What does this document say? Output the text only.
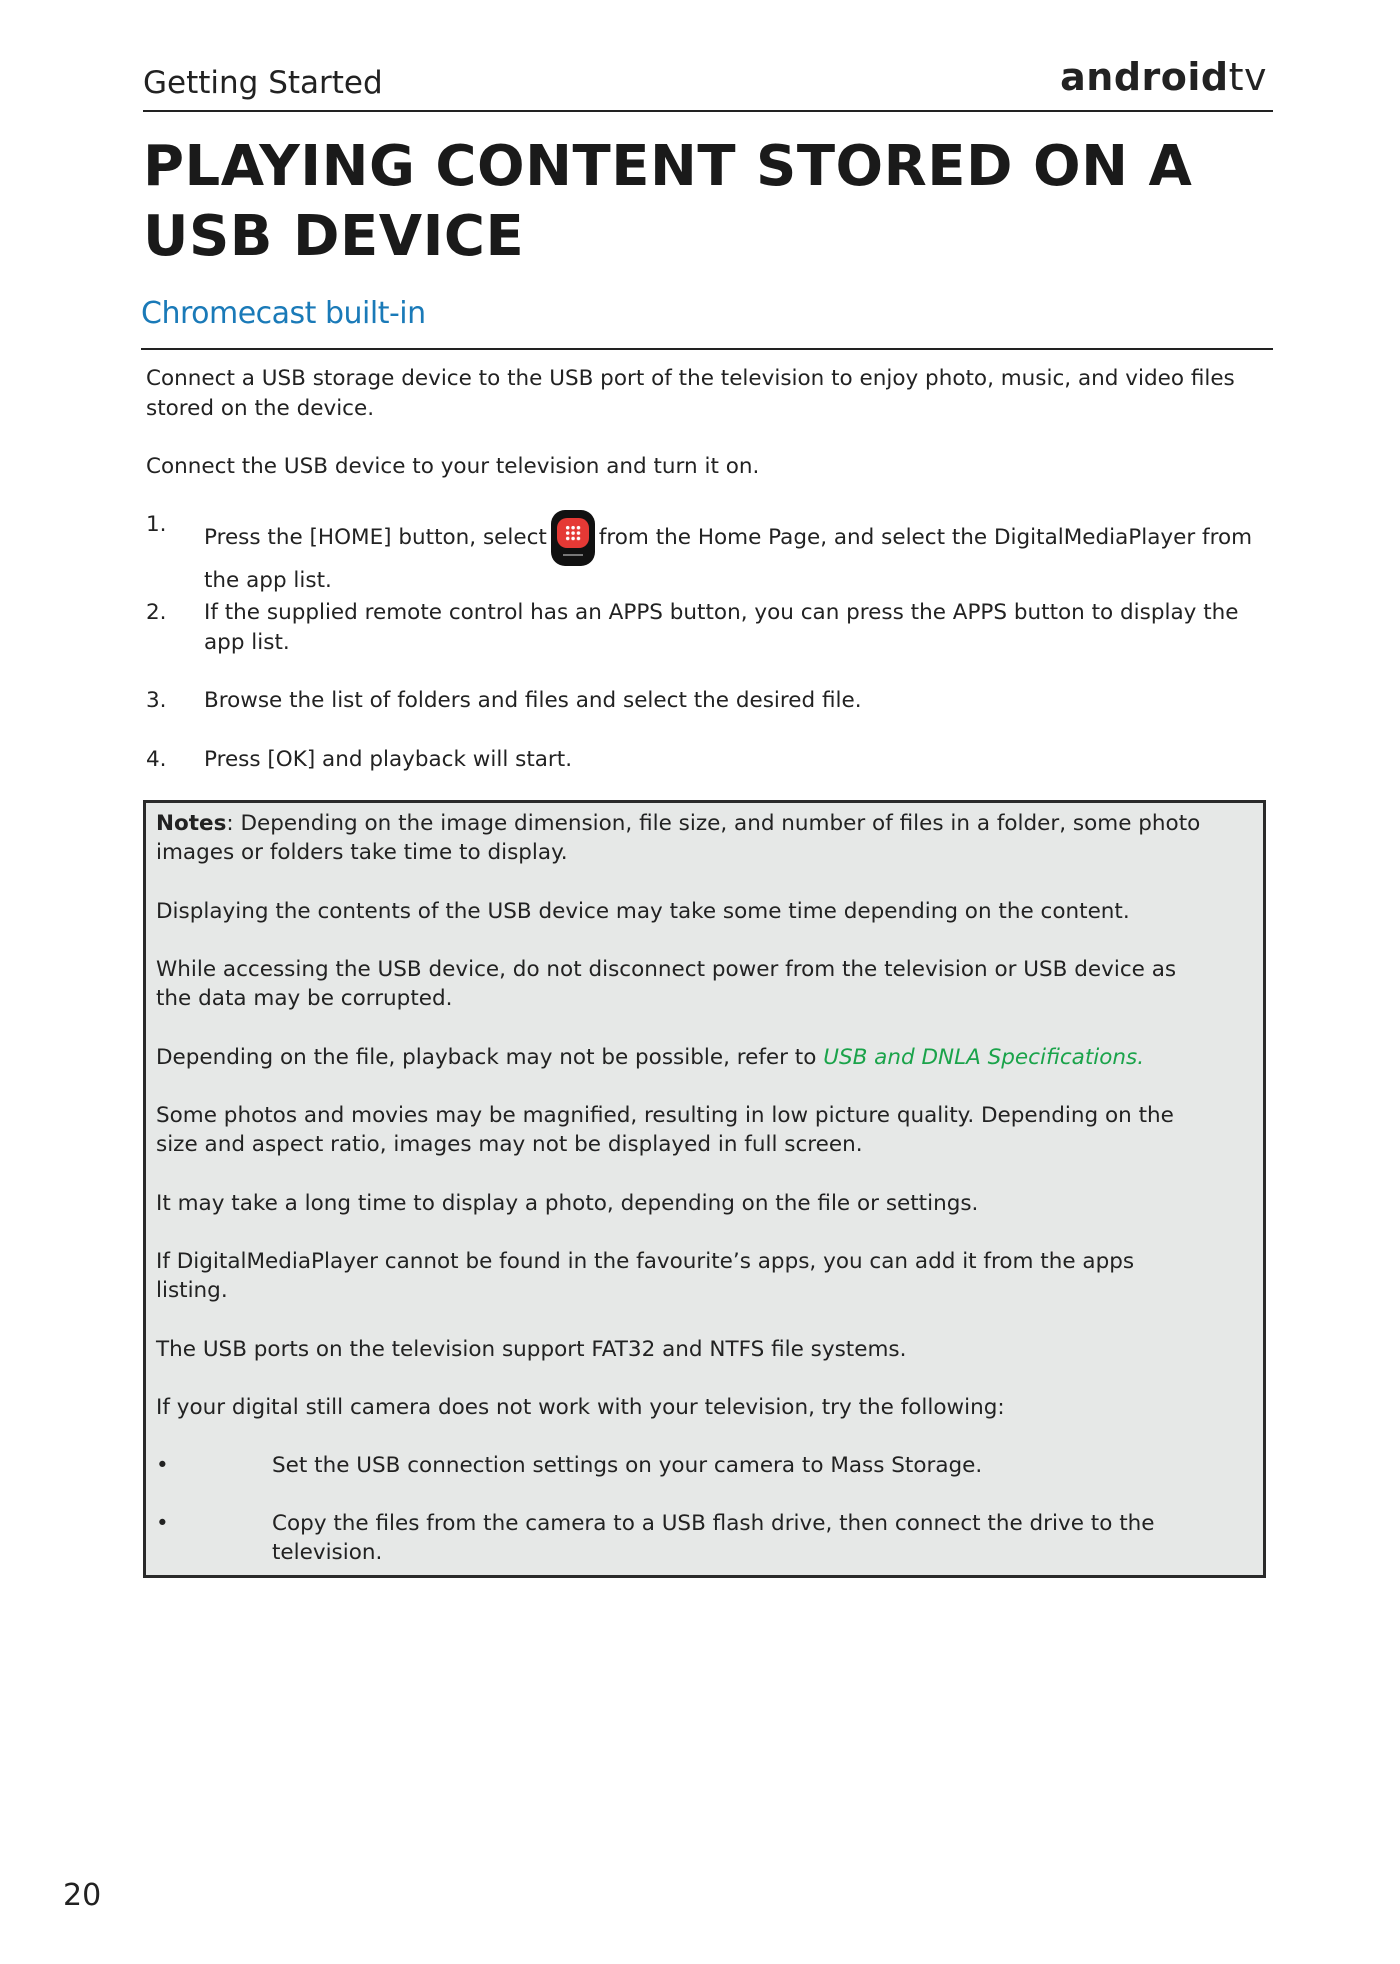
Getting Started	androidtv
PLAYING CONTENT STORED ON A USB DEVICE
Chromecast built-in
Connect a USB storage device to the USB port of the television to enjoy photo, music, and video files stored on the device.
Connect the USB device to your television and turn it on.
1.
Press the [HOME] button, select from the Home Page, and select the DigitalMediaPlayer from the app list.
2. If the supplied remote control has an APPS button, you can press the APPS button to display the app list.
3. Browse the list of folders and files and select the desired file.
4. Press [OK] and playback will start.
Notes: Depending on the image dimension, file size, and number of files in a folder, some photo images or folders take time to display.
Displaying the contents of the USB device may take some time depending on the content.
While accessing the USB device, do not disconnect power from the television or USB device as the data may be corrupted.
Depending on the file, playback may not be possible, refer to USB and DNLA Specifications.
Some photos and movies may be magnified, resulting in low picture quality. Depending on the size and aspect ratio, images may not be displayed in full screen.
It may take a long time to display a photo, depending on the file or settings.
If DigitalMediaPlayer cannot be found in the favourite’s apps, you can add it from the apps listing.
The USB ports on the television support FAT32 and NTFS file systems.
If your digital still camera does not work with your television, try the following:
•	Set the USB connection settings on your camera to Mass Storage.
•	Copy the files from the camera to a USB flash drive, then connect the drive to the television.
20
